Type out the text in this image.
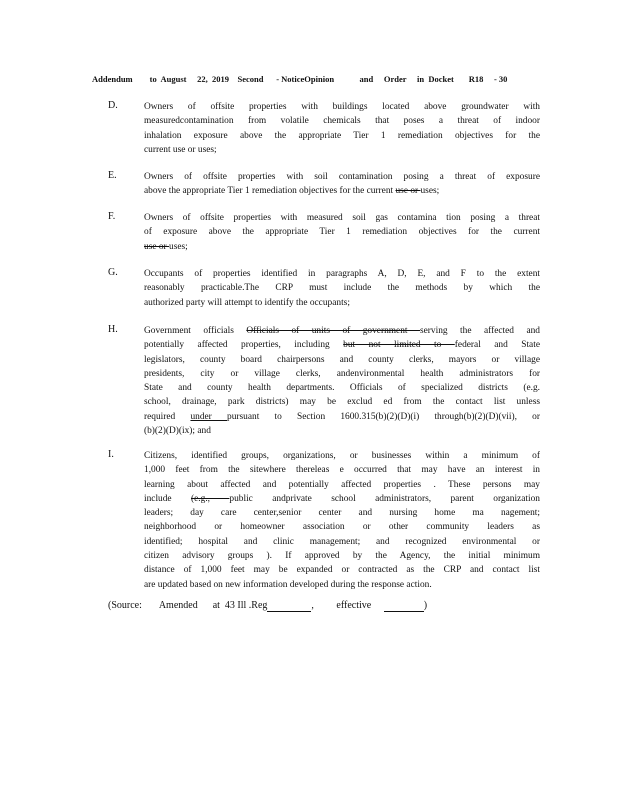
Addendum        to  August     22,  2019    Second      - NoticeOpinion            and     Order     in  Docket       R18     - 30
D.	Owners of offsite properties with buildings located above groundwater with
measuredcontamination from volatile chemicals that poses a threat of indoor
inhalation exposure above the appropriate Tier 1 remediation objectives for the
current use or uses;
E.	Owners of offsite properties with soil contamination posing a threat of exposure
above the appropriate Tier 1 remediation objectives for the current use or uses;
F.	Owners of offsite properties with measured soil gas contamina tion posing a threat
of exposure above the appropriate Tier 1 remediation objectives for the current
use or uses;
G.	Occupants of properties identified in paragraphs A, D, E, and F to the extent
reasonably practicable.The CRP must include the methods by which the
authorized party will attempt to identify the occupants;
H.	Government officials Officials of units of government serving the affected and
potentially affected properties, including but not limited to federal and State
legislators, county board chairpersons and county clerks, mayors or village
presidents, city or village clerks, andenvironmental health administrators for
State and county health departments. Officials of specialized districts (e.g.
school, drainage, park districts) may be exclud ed from the contact list unless
required under pursuant to Section 1600.315(b)(2)(D)(i) through(b)(2)(D)(vii), or
(b)(2)(D)(ix); and
I.	Citizens, identified groups, organizations, or businesses within a minimum of
1,000 feet from the sitewhere thereleas e occurred that may have an interest in
learning about affected and potentially affected properties . These persons may
include (e.g., public andprivate school administrators, parent organization
leaders; day care center,senior center and nursing home ma nagement;
neighborhood or homeowner association or other community leaders as
identified; hospital and clinic management; and recognized environmental or
citizen advisory groups ). If approved by the Agency, the initial minimum
distance of 1,000 feet may be expanded or contracted as the CRP and contact list
are updated based on new information developed during the response action.
(Source:       Amended      at  43 Ill .Reg	,         effective	)
